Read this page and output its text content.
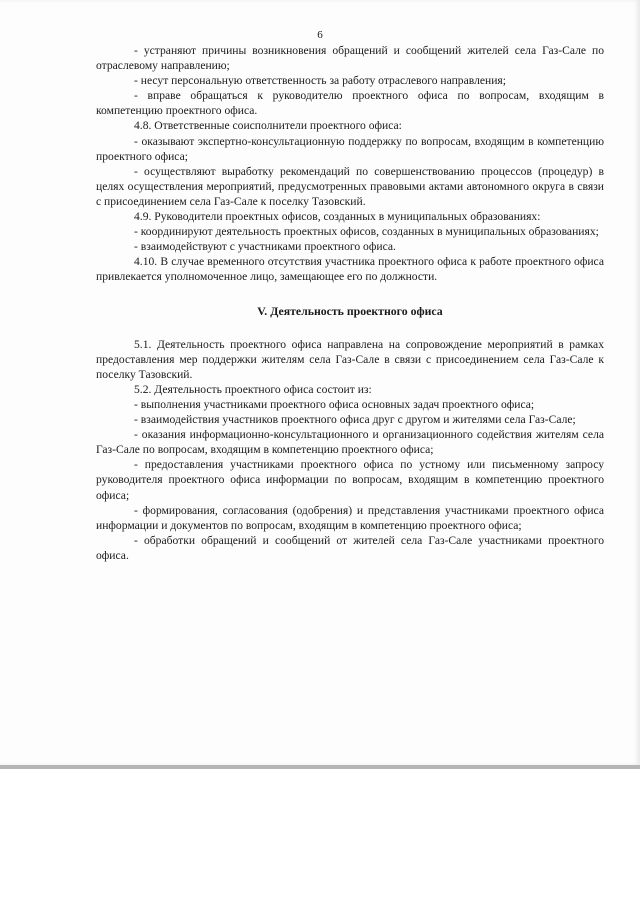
6

- устраняют причины возникновения обращений и сообщений жителей села Газ-Сале по отраслевому направлению;

- несут персональную ответственность за работу отраслевого направления;

- вправе обращаться к руководителю проектного офиса по вопросам, входящим в компетенцию проектного офиса.

4.8. Ответственные соисполнители проектного офиса:

- оказывают экспертно-консультационную поддержку по вопросам, входящим в компетенцию проектного офиса;

- осуществляют выработку рекомендаций по совершенствованию процессов (процедур) в целях осуществления мероприятий, предусмотренных правовыми актами автономного округа в связи с присоединением села Газ-Сале к поселку Тазовский.

4.9. Руководители проектных офисов, созданных в муниципальных образованиях:

- координируют деятельность проектных офисов, созданных в муниципальных образованиях;

- взаимодействуют с участниками проектного офиса.

4.10. В случае временного отсутствия участника проектного офиса к работе проектного офиса привлекается уполномоченное лицо, замещающее его по должности.

V. Деятельность проектного офиса

5.1. Деятельность проектного офиса направлена на сопровождение мероприятий в рамках предоставления мер поддержки жителям села Газ-Сале в связи с присоединением села Газ-Сале к поселку Тазовский.

5.2. Деятельность проектного офиса состоит из:

- выполнения участниками проектного офиса основных задач проектного офиса;

- взаимодействия участников проектного офиса друг с другом и жителями села Газ-Сале;

- оказания информационно-консультационного и организационного содействия жителям села Газ-Сале по вопросам, входящим в компетенцию проектного офиса;

- предоставления участниками проектного офиса по устному или письменному запросу руководителя проектного офиса информации по вопросам, входящим в компетенцию проектного офиса;

- формирования, согласования (одобрения) и представления участниками проектного офиса информации и документов по вопросам, входящим в компетенцию проектного офиса;

- обработки обращений и сообщений от жителей села Газ-Сале участниками проектного офиса.
